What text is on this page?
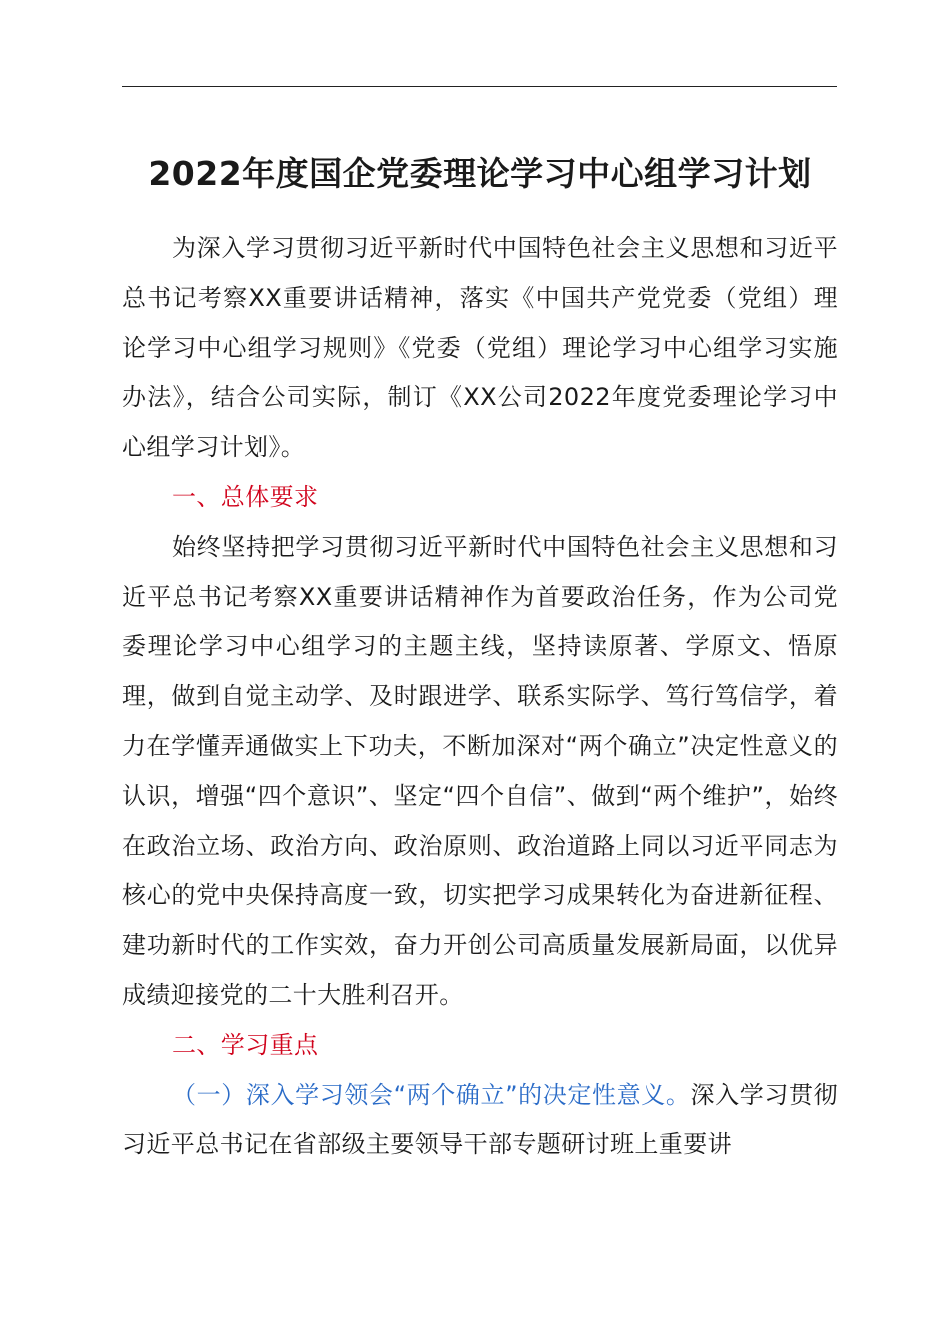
2022年度国企党委理论学习中心组学习计划

为深入学习贯彻习近平新时代中国特色社会主义思想和习近平总书记考察XX重要讲话精神，落实《中国共产党党委（党组）理论学习中心组学习规则》《党委（党组）理论学习中心组学习实施办法》，结合公司实际，制订《XX公司2022年度党委理论学习中心组学习计划》。

一、总体要求

始终坚持把学习贯彻习近平新时代中国特色社会主义思想和习近平总书记考察XX重要讲话精神作为首要政治任务，作为公司党委理论学习中心组学习的主题主线，坚持读原著、学原文、悟原理，做到自觉主动学、及时跟进学、联系实际学、笃行笃信学，着力在学懂弄通做实上下功夫，不断加深对“两个确立”决定性意义的认识，增强“四个意识”、坚定“四个自信”、做到“两个维护”，始终在政治立场、政治方向、政治原则、政治道路上同以习近平同志为核心的党中央保持高度一致，切实把学习成果转化为奋进新征程、建功新时代的工作实效，奋力开创公司高质量发展新局面，以优异成绩迎接党的二十大胜利召开。

二、学习重点

（一）深入学习领会“两个确立”的决定性意义。深入学习贯彻习近平总书记在省部级主要领导干部专题研讨班上重要讲
